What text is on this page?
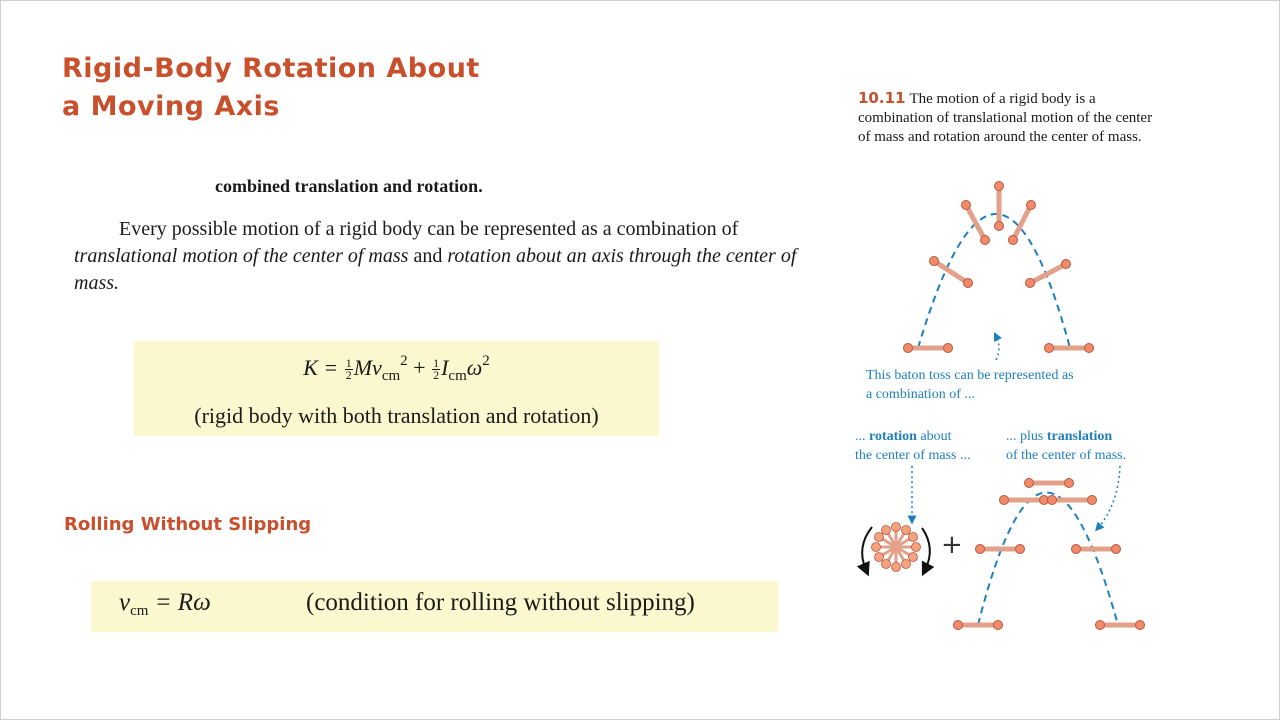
Rigid-Body Rotation About
a Moving Axis
combined translation and rotation.
Every possible motion of a rigid body can be represented as a combination of translational motion of the center of mass and rotation about an axis through the center of mass.
$K = \frac{1}{2} Mv_{cm}^2 + \frac{1}{2} I_{cm}\omega^2$
(rigid body with both translation and rotation)
Rolling Without Slipping
$v_{cm} = R\omega$	(condition for rolling without slipping)
10.11 The motion of a rigid body is a combination of translational motion of the center of mass and rotation around the center of mass.
This baton toss can be represented as
a combination of ...
... rotation about
the center of mass ...
... plus translation
of the center of mass.
+
